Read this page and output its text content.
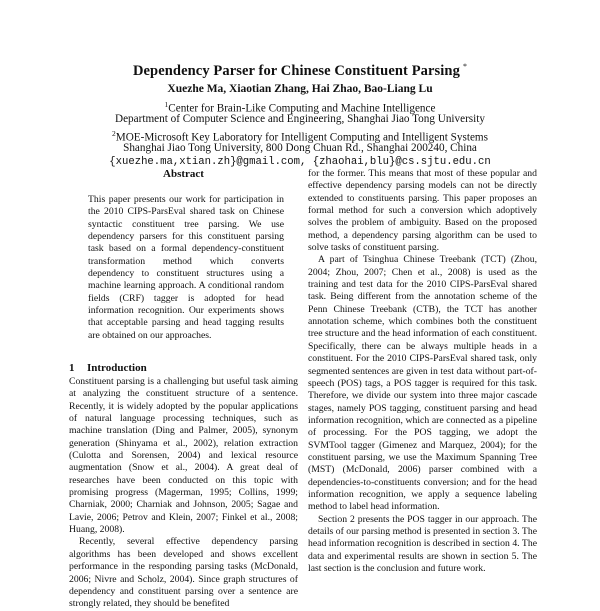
Dependency Parser for Chinese Constituent Parsing *
Xuezhe Ma, Xiaotian Zhang, Hai Zhao, Bao-Liang Lu
$^1$Center for Brain-Like Computing and Machine Intelligence
Department of Computer Science and Engineering, Shanghai Jiao Tong University
$^2$MOE-Microsoft Key Laboratory for Intelligent Computing and Intelligent Systems
Shanghai Jiao Tong University, 800 Dong Chuan Rd., Shanghai 200240, China
{xuezhe.ma,xtian.zh}@gmail.com, {zhaohai,blu}@cs.sjtu.edu.cn
Abstract

This paper presents our work for participation in the 2010 CIPS-ParsEval shared task on Chinese syntactic constituent tree parsing. We use dependency parsers for this constituent parsing task based on a formal dependency-constituent transformation method which converts dependency to constituent structures using a machine learning approach. A conditional random fields (CRF) tagger is adopted for head information recognition. Our experiments shows that acceptable parsing and head tagging results are obtained on our approaches.

1 Introduction

Constituent parsing is a challenging but useful task aiming at analyzing the constituent structure of a sentence. Recently, it is widely adopted by the popular applications of natural language processing techniques, such as machine translation (Ding and Palmer, 2005), synonym generation (Shinyama et al., 2002), relation extraction (Culotta and Sorensen, 2004) and lexical resource augmentation (Snow et al., 2004). A great deal of researches have been conducted on this topic with promising progress (Magerman, 1995; Collins, 1999; Charniak, 2000; Charniak and Johnson, 2005; Sagae and Lavie, 2006; Petrov and Klein, 2007; Finkel et al., 2008; Huang, 2008).

Recently, several effective dependency parsing algorithms has been developed and shows excellent performance in the responding parsing tasks (McDonald, 2006; Nivre and Scholz, 2004). Since graph structures of dependency and constituent parsing over a sentence are strongly related, they should be benefited

for the former. This means that most of these popular and effective dependency parsing models can not be directly extended to constituents parsing. This paper proposes an formal method for such a conversion which adoptively solves the problem of ambiguity. Based on the proposed method, a dependency parsing algorithm can be used to solve tasks of constituent parsing.

A part of Tsinghua Chinese Treebank (TCT) (Zhou, 2004; Zhou, 2007; Chen et al., 2008) is used as the training and test data for the 2010 CIPS-ParsEval shared task. Being different from the annotation scheme of the Penn Chinese Treebank (CTB), the TCT has another annotation scheme, which combines both the constituent tree structure and the head information of each constituent. Specifically, there can be always multiple heads in a constituent. For the 2010 CIPS-ParsEval shared task, only segmented sentences are given in test data without part-of-speech (POS) tags, a POS tagger is required for this task. Therefore, we divide our system into three major cascade stages, namely POS tagging, constituent parsing and head information recognition, which are connected as a pipeline of processing. For the POS tagging, we adopt the SVMTool tagger (Gimenez and Marquez, 2004); for the constituent parsing, we use the Maximum Spanning Tree (MST) (McDonald, 2006) parser combined with a dependencies-to-constituents conversion; and for the head information recognition, we apply a sequence labeling method to label head information.

Section 2 presents the POS tagger in our approach. The details of our parsing method is presented in section 3. The head information recognition is described in section 4. The data and experimental results are shown in section 5. The last section is the conclusion and future work.
